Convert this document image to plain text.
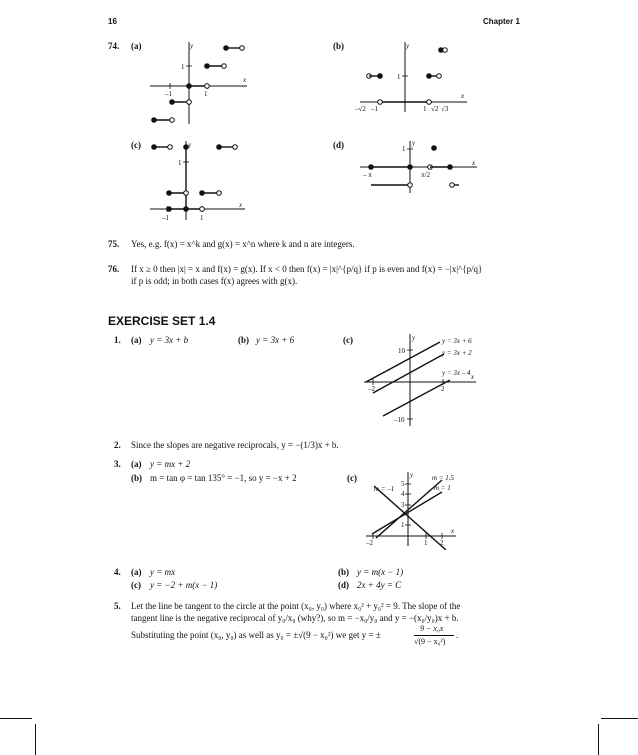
16	Chapter 1
74. (a)	(b)
y
x
1
–1	1
y
x
1
–√2 –1	1 √2 √3
(c)	(d)
y
x
1
–1	1
y
x
1
– π	π/2
75. Yes, e.g. f(x) = x^k and g(x) = x^n where k and n are integers.
76. If x ≥ 0 then |x| = x and f(x) = g(x). If x < 0 then f(x) = |x|^{p/q} if p is even and f(x) = −|x|^{p/q}
if p is odd; in both cases f(x) agrees with g(x).
EXERCISE SET 1.4
1. (a) y = 3x + b	(b) y = 3x + 6	(c)	y
x
10
–10
–2	2
y = 3x + 6
y = 3x + 2
y = 3x – 4
2. Since the slopes are negative reciprocals, y = −(1/3)x + b.
3. (a) y = mx + 2
(b) m = tan φ = tan 135° = −1, so y = −x + 2	(c)	y
x
5
4
3
1
–2	1 2
m = –1
m = 1.5
m = 1
4. (a) y = mx	(b) y = m(x − 1)
(c) y = −2 + m(x − 1)	(d) 2x + 4y = C
5. Let the line be tangent to the circle at the point (x₀, y₀) where x₀² + y₀² = 9. The slope of the
tangent line is the negative reciprocal of y₀/x₀ (why?), so m = −x₀/y₀ and y = −(x₀/y₀)x + b.
Substituting the point (x₀, y₀) as well as y₀ = ±√(9 − x₀²) we get y = ±
9 − x₀x
√(9 − x₀²)
.
